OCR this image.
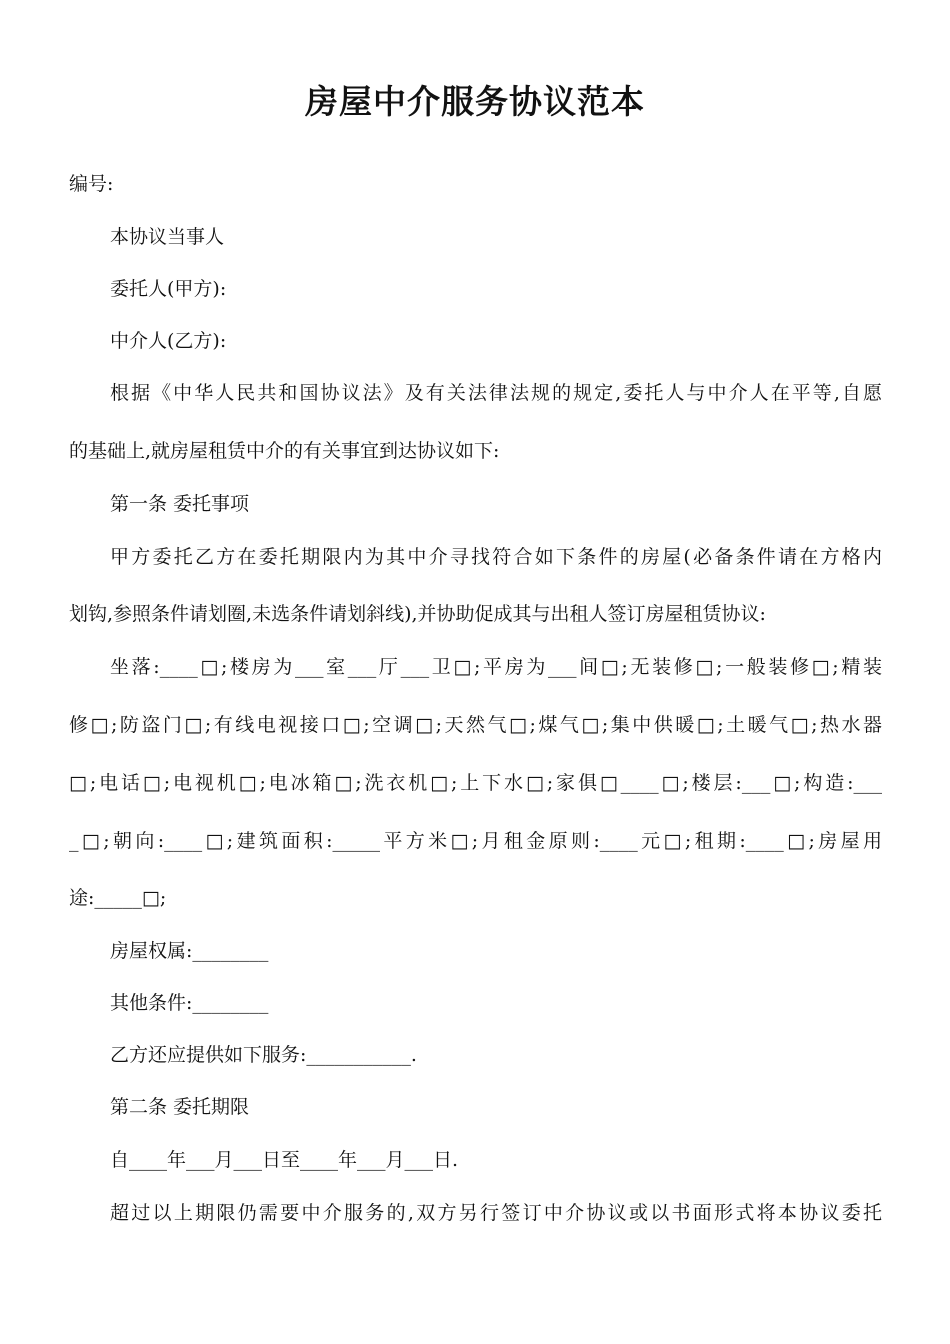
房屋中介服务协议范本
编号:
本协议当事人
委托人(甲方):
中介人(乙方):
根据《中华人民共和国协议法》及有关法律法规的规定,委托人与中介人在平等,自愿
的基础上,就房屋租赁中介的有关事宜到达协议如下:
第一条 委托事项
甲方委托乙方在委托期限内为其中介寻找符合如下条件的房屋(必备条件请在方格内
划钩,参照条件请划圈,未选条件请划斜线),并协助促成其与出租人签订房屋租赁协议:
坐落:____□;楼房为___室___厅___卫□;平房为___间□;无装修□;一般装修□;精装
修□;防盗门□;有线电视接口□;空调□;天然气□;煤气□;集中供暖□;土暖气□;热水器
□;电话□;电视机□;电冰箱□;洗衣机□;上下水□;家俱□____□;楼层:___□;构造:___
_□;朝向:____□;建筑面积:_____平方米□;月租金原则:____元□;租期:____□;房屋用
途:_____□;
房屋权属:________
其他条件:________
乙方还应提供如下服务:___________.
第二条 委托期限
自____年___月___日至____年___月___日.
超过以上期限仍需要中介服务的,双方另行签订中介协议或以书面形式将本协议委托
